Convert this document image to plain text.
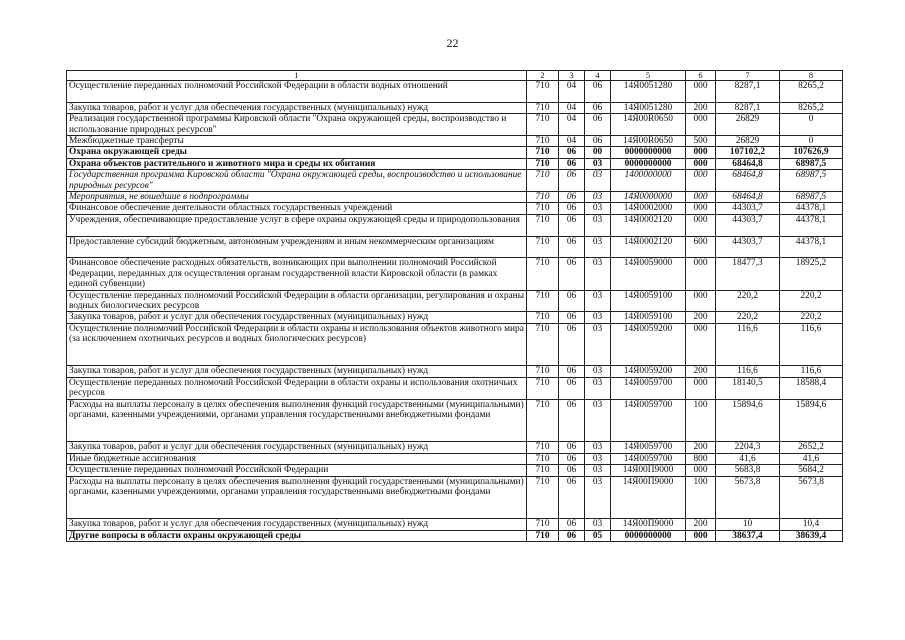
22
1	2	3	4	5	6	7	8
Осуществление переданных полномочий Российской Федерации в области водных отношений	710	04	06	14Я0051280	000	8287,1	8265,2
Закупка товаров, работ и услуг для обеспечения государственных (муниципальных) нужд	710	04	06	14Я0051280	200	8287,1	8265,2
Реализация государственной программы Кировской области "Охрана окружающей среды, воспроизводство и использование природных ресурсов"	710	04	06	14Я00R0650	000	26829	0
Межбюджетные трансферты	710	04	06	14Я00R0650	500	26829	0
Охрана окружающей среды	710	06	00	0000000000	000	107102,2	107626,9
Охрана объектов растительного и животного мира и среды их обитания	710	06	03	0000000000	000	68464,8	68987,5
Государственная программа Кировской области "Охрана окружающей среды, воспроизводство и использование природных ресурсов"	710	06	03	1400000000	000	68464,8	68987,5
Мероприятия, не вошедшие в подпрограммы	710	06	03	14Я0000000	000	68464,8	68987,5
Финансовое обеспечение деятельности областных государственных учреждений	710	06	03	14Я0002000	000	44303,7	44378,1
Учреждения, обеспечивающие предоставление услуг в сфере охраны окружающей среды и природопользования	710	06	03	14Я0002120	000	44303,7	44378,1
Предоставление субсидий бюджетным, автономным учреждениям и иным некоммерческим организациям	710	06	03	14Я0002120	600	44303,7	44378,1
Финансовое обеспечение расходных обязательств, возникающих при выполнении полномочий Российской Федерации, переданных для осуществления органам государственной власти Кировской области (в рамках единой субвенции)	710	06	03	14Я0059000	000	18477,3	18925,2
Осуществление переданных полномочий Российской Федерации в области организации, регулирования и охраны водных биологических ресурсов	710	06	03	14Я0059100	000	220,2	220,2
Закупка товаров, работ и услуг для обеспечения государственных (муниципальных) нужд	710	06	03	14Я0059100	200	220,2	220,2
Осуществление полномочий Российской Федерации в области охраны и использования объектов животного мира (за исключением охотничьих ресурсов и водных биологических ресурсов)	710	06	03	14Я0059200	000	116,6	116,6
Закупка товаров, работ и услуг для обеспечения государственных (муниципальных) нужд	710	06	03	14Я0059200	200	116,6	116,6
Осуществление переданных полномочий Российской Федерации в области охраны и использования охотничьих ресурсов	710	06	03	14Я0059700	000	18140,5	18588,4
Расходы на выплаты персоналу в целях обеспечения выполнения функций государственными (муниципальными) органами, казенными учреждениями, органами управления государственными внебюджетными фондами	710	06	03	14Я0059700	100	15894,6	15894,6
Закупка товаров, работ и услуг для обеспечения государственных (муниципальных) нужд	710	06	03	14Я0059700	200	2204,3	2652,2
Иные бюджетные ассигнования	710	06	03	14Я0059700	800	41,6	41,6
Осуществление переданных полномочий Российской Федерации	710	06	03	14Я00П9000	000	5683,8	5684,2
Расходы на выплаты персоналу в целях обеспечения выполнения функций государственными (муниципальными) органами, казенными учреждениями, органами управления государственными внебюджетными фондами	710	06	03	14Я00П9000	100	5673,8	5673,8
Закупка товаров, работ и услуг для обеспечения государственных (муниципальных) нужд	710	06	03	14Я00П9000	200	10	10,4
Другие вопросы в области охраны окружающей среды	710	06	05	0000000000	000	38637,4	38639,4
